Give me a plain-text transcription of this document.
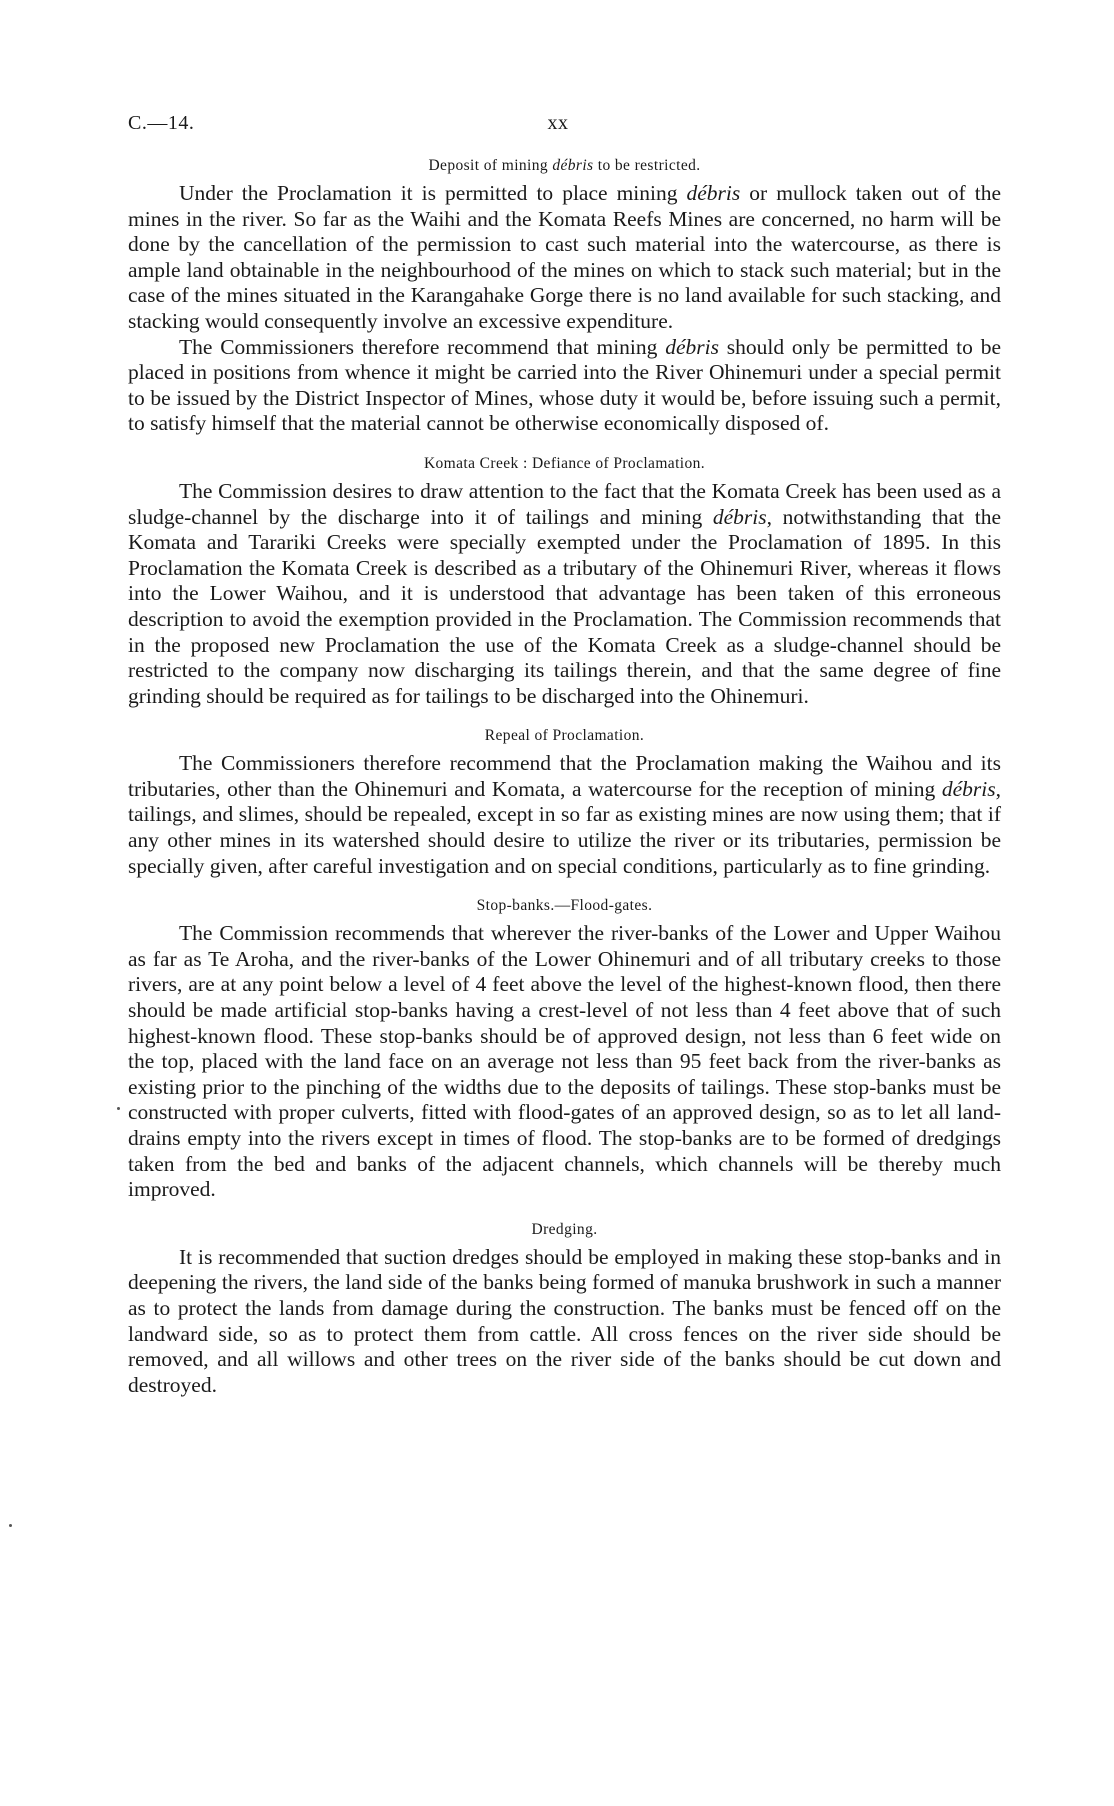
C.—14.	xx
Deposit of mining débris to be restricted.

Under the Proclamation it is permitted to place mining débris or mullock taken out of the mines in the river. So far as the Waihi and the Komata Reefs Mines are concerned, no harm will be done by the cancellation of the permission to cast such material into the watercourse, as there is ample land obtainable in the neighbourhood of the mines on which to stack such material; but in the case of the mines situated in the Karangahake Gorge there is no land available for such stacking, and stacking would consequently involve an excessive expenditure.

The Commissioners therefore recommend that mining débris should only be permitted to be placed in positions from whence it might be carried into the River Ohinemuri under a special permit to be issued by the District Inspector of Mines, whose duty it would be, before issuing such a permit, to satisfy himself that the material cannot be otherwise economically disposed of.

Komata Creek : Defiance of Proclamation.

The Commission desires to draw attention to the fact that the Komata Creek has been used as a sludge-channel by the discharge into it of tailings and mining débris, notwithstanding that the Komata and Tarariki Creeks were specially exempted under the Proclamation of 1895. In this Proclamation the Komata Creek is described as a tributary of the Ohinemuri River, whereas it flows into the Lower Waihou, and it is understood that advantage has been taken of this erroneous description to avoid the exemption provided in the Proclamation. The Commission recommends that in the proposed new Proclamation the use of the Komata Creek as a sludge-channel should be restricted to the company now discharging its tailings therein, and that the same degree of fine grinding should be required as for tailings to be discharged into the Ohinemuri.

Repeal of Proclamation.

The Commissioners therefore recommend that the Proclamation making the Waihou and its tributaries, other than the Ohinemuri and Komata, a watercourse for the reception of mining débris, tailings, and slimes, should be repealed, except in so far as existing mines are now using them; that if any other mines in its watershed should desire to utilize the river or its tributaries, permission be specially given, after careful investigation and on special conditions, particularly as to fine grinding.

Stop-banks.—Flood-gates.

The Commission recommends that wherever the river-banks of the Lower and Upper Waihou as far as Te Aroha, and the river-banks of the Lower Ohinemuri and of all tributary creeks to those rivers, are at any point below a level of 4 feet above the level of the highest-known flood, then there should be made artificial stop-banks having a crest-level of not less than 4 feet above that of such highest-known flood. These stop-banks should be of approved design, not less than 6 feet wide on the top, placed with the land face on an average not less than 95 feet back from the river-banks as existing prior to the pinching of the widths due to the deposits of tailings. These stop-banks must be constructed with proper culverts, fitted with flood-gates of an approved design, so as to let all land-drains empty into the rivers except in times of flood. The stop-banks are to be formed of dredgings taken from the bed and banks of the adjacent channels, which channels will be thereby much improved.

Dredging.

It is recommended that suction dredges should be employed in making these stop-banks and in deepening the rivers, the land side of the banks being formed of manuka brushwork in such a manner as to protect the lands from damage during the construction. The banks must be fenced off on the landward side, so as to protect them from cattle. All cross fences on the river side should be removed, and all willows and other trees on the river side of the banks should be cut down and destroyed.
